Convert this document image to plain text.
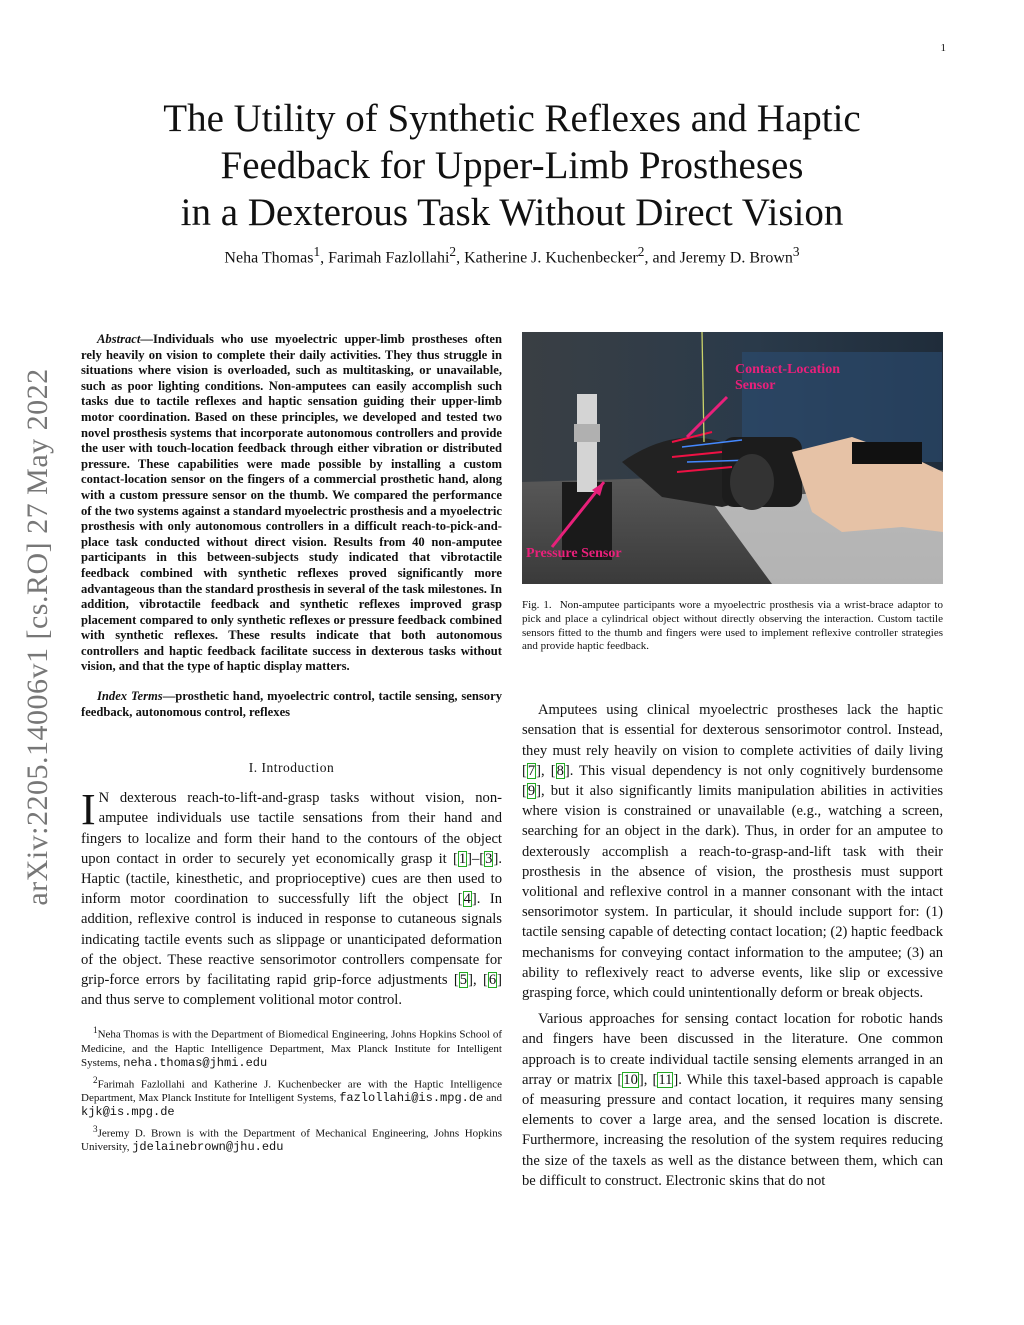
1
arXiv:2205.14006v1 [cs.RO] 27 May 2022
The Utility of Synthetic Reflexes and Haptic
Feedback for Upper-Limb Prostheses
in a Dexterous Task Without Direct Vision
Neha Thomas$^1$, Farimah Fazlollahi$^2$, Katherine J. Kuchenbecker$^2$, and Jeremy D. Brown$^3$

Abstract—Individuals who use myoelectric upper-limb prostheses often rely heavily on vision to complete their daily activities. They thus struggle in situations where vision is overloaded, such as multitasking, or unavailable, such as poor lighting conditions. Non-amputees can easily accomplish such tasks due to tactile reflexes and haptic sensation guiding their upper-limb motor coordination. Based on these principles, we developed and tested two novel prosthesis systems that incorporate autonomous controllers and provide the user with touch-location feedback through either vibration or distributed pressure. These capabilities were made possible by installing a custom contact-location sensor on the fingers of a commercial prosthetic hand, along with a custom pressure sensor on the thumb. We compared the performance of the two systems against a standard myoelectric prosthesis and a myoelectric prosthesis with only autonomous controllers in a difficult reach-to-pick-and-place task conducted without direct vision. Results from 40 non-amputee participants in this between-subjects study indicated that vibrotactile feedback combined with synthetic reflexes proved significantly more advantageous than the standard prosthesis in several of the task milestones. In addition, vibrotactile feedback and synthetic reflexes improved grasp placement compared to only synthetic reflexes or pressure feedback combined with synthetic reflexes. These results indicate that both autonomous controllers and haptic feedback facilitate success in dexterous tasks without vision, and that the type of haptic display matters.

Index Terms—prosthetic hand, myoelectric control, tactile sensing, sensory feedback, autonomous control, reflexes

I. Introduction

I N dexterous reach-to-lift-and-grasp tasks without vision, non-amputee individuals use tactile sensations from their hand and fingers to localize and form their hand to the contours of the object upon contact in order to securely yet economically grasp it [1]–[3]. Haptic (tactile, kinesthetic, and proprioceptive) cues are then used to inform motor coordination to successfully lift the object [4]. In addition, reflexive control is induced in response to cutaneous signals indicating tactile events such as slippage or unanticipated deformation of the object. These reactive sensorimotor controllers compensate for grip-force errors by facilitating rapid grip-force adjustments [5], [6] and thus serve to complement volitional motor control.

$^1$Neha Thomas is with the Department of Biomedical Engineering, Johns Hopkins School of Medicine, and the Haptic Intelligence Department, Max Planck Institute for Intelligent Systems, neha.thomas@jhmi.edu

$^2$Farimah Fazlollahi and Katherine J. Kuchenbecker are with the Haptic Intelligence Department, Max Planck Institute for Intelligent Systems, fazlollahi@is.mpg.de and kjk@is.mpg.de

$^3$Jeremy D. Brown is with the Department of Mechanical Engineering, Johns Hopkins University, jdelainebrown@jhu.edu

Contact-Location
Sensor
Pressure Sensor

Fig. 1. Non-amputee participants wore a myoelectric prosthesis via a wrist-brace adaptor to pick and place a cylindrical object without directly observing the interaction. Custom tactile sensors fitted to the thumb and fingers were used to implement reflexive controller strategies and provide haptic feedback.

Amputees using clinical myoelectric prostheses lack the haptic sensation that is essential for dexterous sensorimotor control. Instead, they must rely heavily on vision to complete activities of daily living [7], [8]. This visual dependency is not only cognitively burdensome [9], but it also significantly limits manipulation abilities in activities where vision is constrained or unavailable (e.g., watching a screen, searching for an object in the dark). Thus, in order for an amputee to dexterously accomplish a reach-to-grasp-and-lift task with their prosthesis in the absence of vision, the prosthesis must support volitional and reflexive control in a manner consonant with the intact sensorimotor system. In particular, it should include support for: (1) tactile sensing capable of detecting contact location; (2) haptic feedback mechanisms for conveying contact information to the amputee; (3) an ability to reflexively react to adverse events, like slip or excessive grasping force, which could unintentionally deform or break objects.

Various approaches for sensing contact location for robotic hands and fingers have been discussed in the literature. One common approach is to create individual tactile sensing elements arranged in an array or matrix [10], [11]. While this taxel-based approach is capable of measuring pressure and contact location, it requires many sensing elements to cover a large area, and the sensed location is discrete. Furthermore, increasing the resolution of the system requires reducing the size of the taxels as well as the distance between them, which can be difficult to construct. Electronic skins that do not
